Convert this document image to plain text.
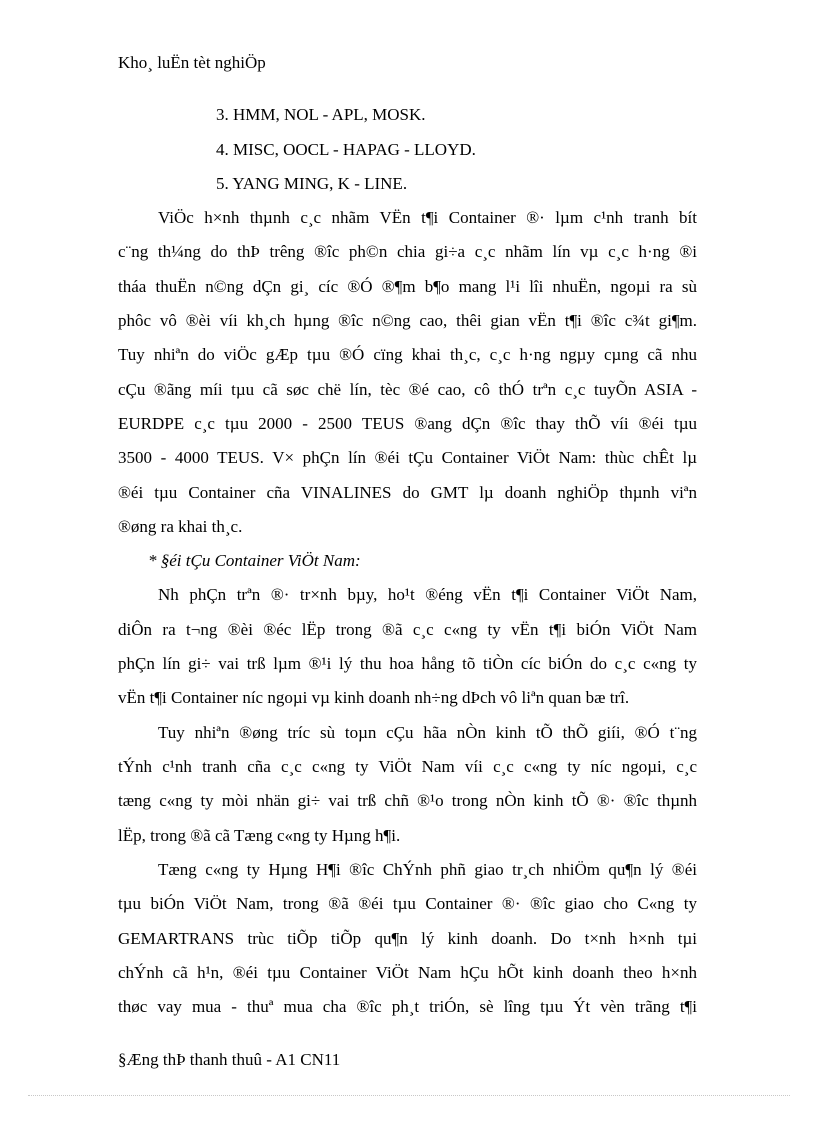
Kho¸ luËn tèt nghiÖp
3. HMM, NOL - APL, MOSK.
4. MISC, OOCL - HAPAG - LLOYD.
5. YANG MING, K - LINE.
ViÖc h×nh thµnh c¸c nhãm VËn t¶i Container ®· lµm c¹nh tranh bít
c¨ng th¼ng do thÞ trêng ®îc ph©n chia gi÷a c¸c nhãm lín vµ c¸c h·ng ®i
tháa thuËn n©ng dÇn gi¸ cíc ®Ó ®¶m b¶o mang l¹i lîi nhuËn, ngoµi ra sù
phôc vô ®èi víi kh¸ch hµng ®îc n©ng cao, thêi gian vËn t¶i ®îc c¾t gi¶m.
Tuy nhiªn do viÖc gÆp tµu ®Ó cïng khai th¸c, c¸c h·ng ngµy cµng cã nhu
cÇu ®ãng míi tµu cã søc chë lín, tèc ®é cao, cô thÓ trªn c¸c tuyÕn ASIA -
EURDPE c¸c tµu 2000 - 2500 TEUS ®ang dÇn ®îc thay thÕ víi ®éi tµu
3500 - 4000 TEUS. V× phÇn lín ®éi tÇu Container ViÖt Nam: thùc chÊt lµ
®éi tµu Container cña VINALINES do GMT lµ doanh nghiÖp thµnh viªn
®øng ra khai th¸c.
* §éi tÇu Container ViÖt Nam:
Nh phÇn trªn ®· tr×nh bµy, ho¹t ®éng vËn t¶i Container ViÖt Nam,
diÔn ra t¬ng ®èi ®éc lËp trong ®ã c¸c c«ng ty vËn t¶i biÓn ViÖt Nam
phÇn lín gi÷ vai trß lµm ®¹i lý thu hoa hång tõ tiÒn cíc biÓn do c¸c c«ng ty
vËn t¶i Container níc ngoµi vµ kinh doanh nh÷ng dÞch vô liªn quan bæ trî.
Tuy nhiªn ®øng tríc sù toµn cÇu hãa nÒn kinh tÕ thÕ giíi, ®Ó t¨ng
tÝnh c¹nh tranh cña c¸c c«ng ty ViÖt Nam víi c¸c c«ng ty níc ngoµi, c¸c
tæng c«ng ty mòi nhän gi÷ vai trß chñ ®¹o trong nÒn kinh tÕ ®· ®îc thµnh
lËp, trong ®ã cã Tæng c«ng ty Hµng h¶i.
Tæng c«ng ty Hµng H¶i ®îc ChÝnh phñ giao tr¸ch nhiÖm qu¶n lý ®éi
tµu biÓn ViÖt Nam, trong ®ã ®éi tµu Container ®· ®îc giao cho C«ng ty
GEMARTRANS trùc tiÕp tiÕp qu¶n lý kinh doanh. Do t×nh h×nh tµi
chÝnh cã h¹n, ®éi tµu Container ViÖt Nam hÇu hÕt kinh doanh theo h×nh
thøc vay mua - thuª mua cha ®îc ph¸t triÓn, sè lîng tµu Ýt vèn trãng t¶i
§Æng thÞ thanh thuû - A1 CN11
